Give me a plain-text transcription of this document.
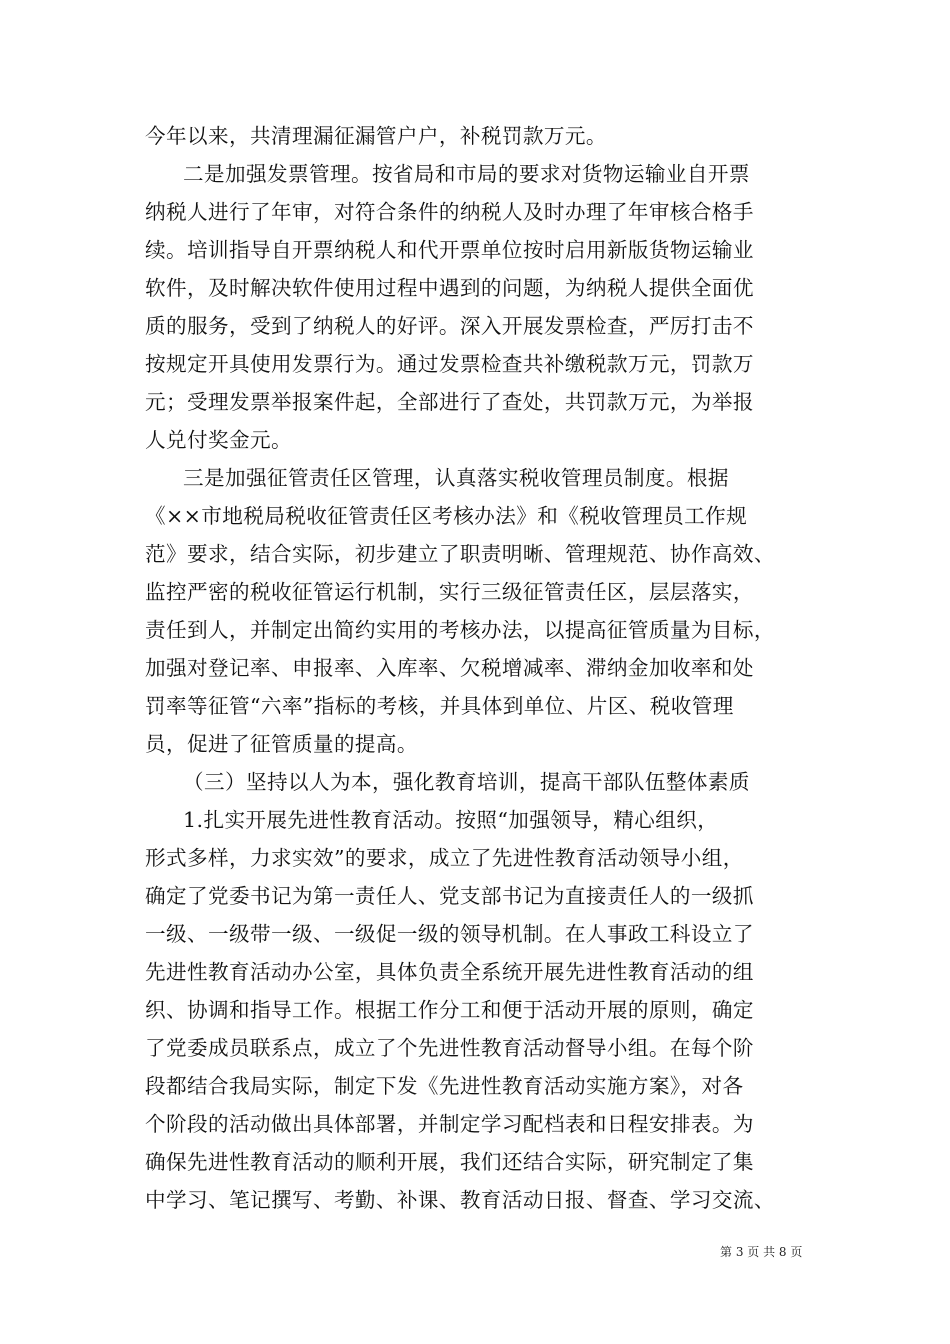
今年以来，共清理漏征漏管户户，补税罚款万元。
二是加强发票管理。按省局和市局的要求对货物运输业自开票
纳税人进行了年审，对符合条件的纳税人及时办理了年审核合格手
续。培训指导自开票纳税人和代开票单位按时启用新版货物运输业
软件，及时解决软件使用过程中遇到的问题，为纳税人提供全面优
质的服务，受到了纳税人的好评。深入开展发票检查，严厉打击不
按规定开具使用发票行为。通过发票检查共补缴税款万元，罚款万
元；受理发票举报案件起，全部进行了查处，共罚款万元，为举报
人兑付奖金元。
三是加强征管责任区管理，认真落实税收管理员制度。根据
《××市地税局税收征管责任区考核办法》和《税收管理员工作规
范》要求，结合实际，初步建立了职责明晰、管理规范、协作高效、
监控严密的税收征管运行机制，实行三级征管责任区，层层落实，
责任到人，并制定出简约实用的考核办法，以提高征管质量为目标，
加强对登记率、申报率、入库率、欠税增减率、滞纳金加收率和处
罚率等征管“六率”指标的考核，并具体到单位、片区、税收管理
员，促进了征管质量的提高。
（三）坚持以人为本，强化教育培训，提高干部队伍整体素质
1.扎实开展先进性教育活动。按照“加强领导，精心组织，
形式多样，力求实效”的要求，成立了先进性教育活动领导小组，
确定了党委书记为第一责任人、党支部书记为直接责任人的一级抓
一级、一级带一级、一级促一级的领导机制。在人事政工科设立了
先进性教育活动办公室，具体负责全系统开展先进性教育活动的组
织、协调和指导工作。根据工作分工和便于活动开展的原则，确定
了党委成员联系点，成立了个先进性教育活动督导小组。在每个阶
段都结合我局实际，制定下发《先进性教育活动实施方案》，对各
个阶段的活动做出具体部署，并制定学习配档表和日程安排表。为
确保先进性教育活动的顺利开展，我们还结合实际，研究制定了集
中学习、笔记撰写、考勤、补课、教育活动日报、督查、学习交流、
第 3 页 共 8 页
